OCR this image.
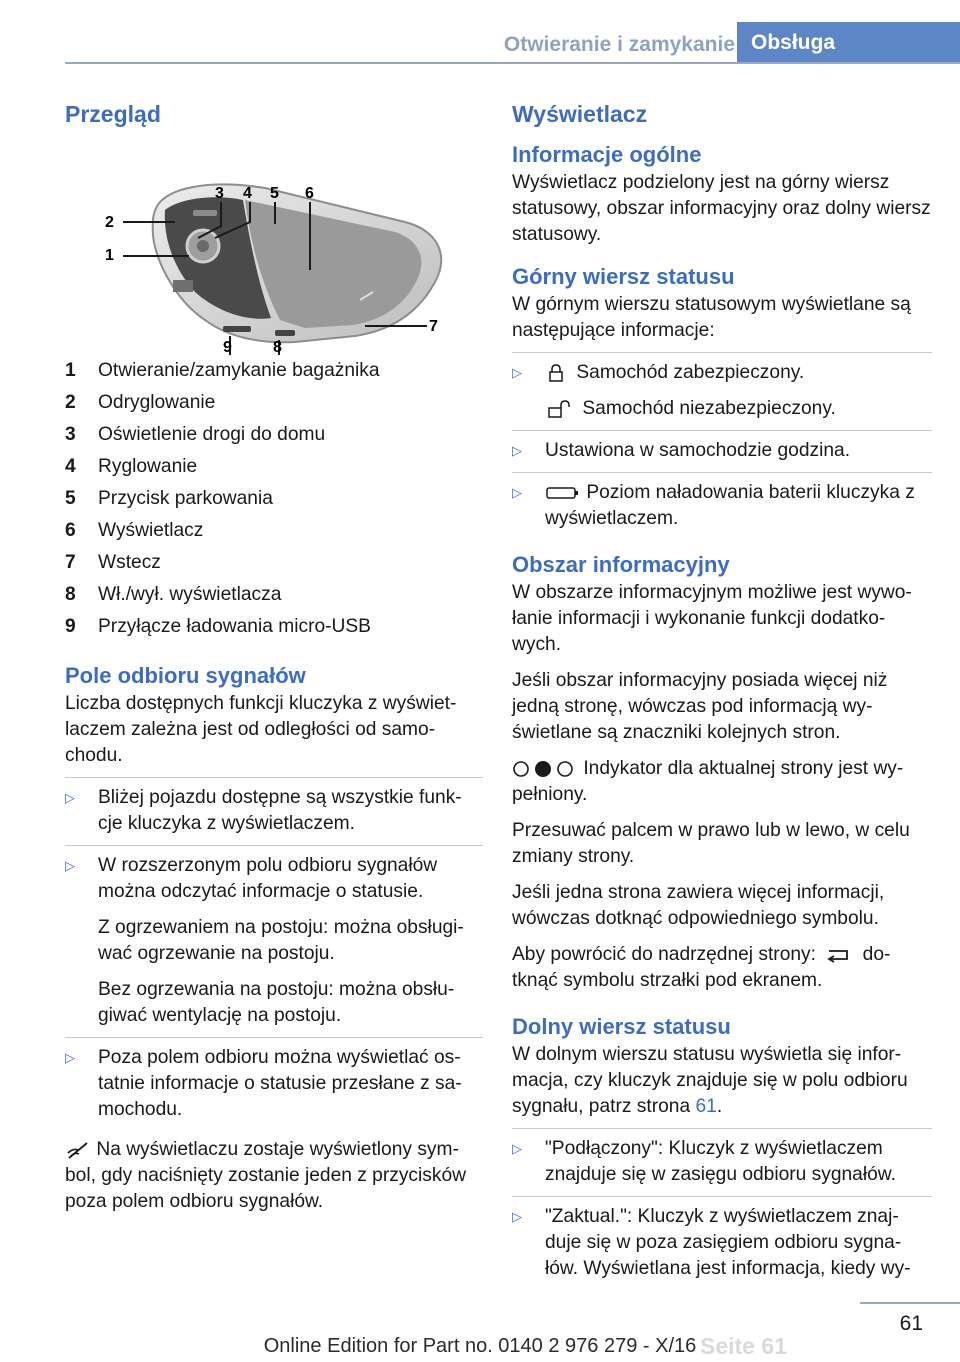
Otwieranie i zamykanie Obsługa
Przegląd
1
2
3 4 5 6
7
8
9
1	Otwieranie/zamykanie bagażnika
2	Odryglowanie
3	Oświetlenie drogi do domu
4	Ryglowanie
5	Przycisk parkowania
6	Wyświetlacz
7	Wstecz
8	Wł./wył. wyświetlacza
9	Przyłącze ładowania micro-USB
Pole odbioru sygnałów

Liczba dostępnych funkcji kluczyka z wyświet-laczem zależna jest od odległości od samo-chodu.

▷	Bliżej pojazdu dostępne są wszystkie funk-cje kluczyka z wyświetlaczem.
▷	W rozszerzonym polu odbioru sygnałów można odczytać informacje o statusie.

Z ogrzewaniem na postoju: można obsługi-wać ogrzewanie na postoju.

Bez ogrzewania na postoju: można obsłu-giwać wentylację na postoju.

▷	Poza polem odbioru można wyświetlać os-tatnie informacje o statusie przesłane z sa-mochodu.

Na wyświetlaczu zostaje wyświetlony sym-bol, gdy naciśnięty zostanie jeden z przycisków poza polem odbioru sygnałów.

Wyświetlacz
Informacje ogólne

Wyświetlacz podzielony jest na górny wiersz statusowy, obszar informacyjny oraz dolny wiersz statusowy.

Górny wiersz statusu

W górnym wierszu statusowym wyświetlane są następujące informacje:

▷	Samochód zabezpieczony.

Samochód niezabezpieczony.

▷	Ustawiona w samochodzie godzina.
▷	Poziom naładowania baterii kluczyka z wyświetlaczem.
Obszar informacyjny

W obszarze informacyjnym możliwe jest wywo-łanie informacji i wykonanie funkcji dodatko-wych.

Jeśli obszar informacyjny posiada więcej niż jedną stronę, wówczas pod informacją wy-świetlane są znaczniki kolejnych stron.

Indykator dla aktualnej strony jest wy-pełniony.

Przesuwać palcem w prawo lub w lewo, w celu zmiany strony.

Jeśli jedna strona zawiera więcej informacji, wówczas dotknąć odpowiedniego symbolu.

Aby powrócić do nadrzędnej strony: do-tknąć symbolu strzałki pod ekranem.

Dolny wiersz statusu

W dolnym wierszu statusu wyświetla się infor-macja, czy kluczyk znajduje się w polu odbioru sygnału, patrz strona 61.

▷	"Podłączony": Kluczyk z wyświetlaczem znajduje się w zasięgu odbioru sygnałów.
▷	"Zaktual.": Kluczyk z wyświetlaczem znaj-duje się w poza zasięgiem odbioru sygna-łów. Wyświetlana jest informacja, kiedy wy-
61
Seite 61
Online Edition for Part no. 0140 2 976 279 - X/16
